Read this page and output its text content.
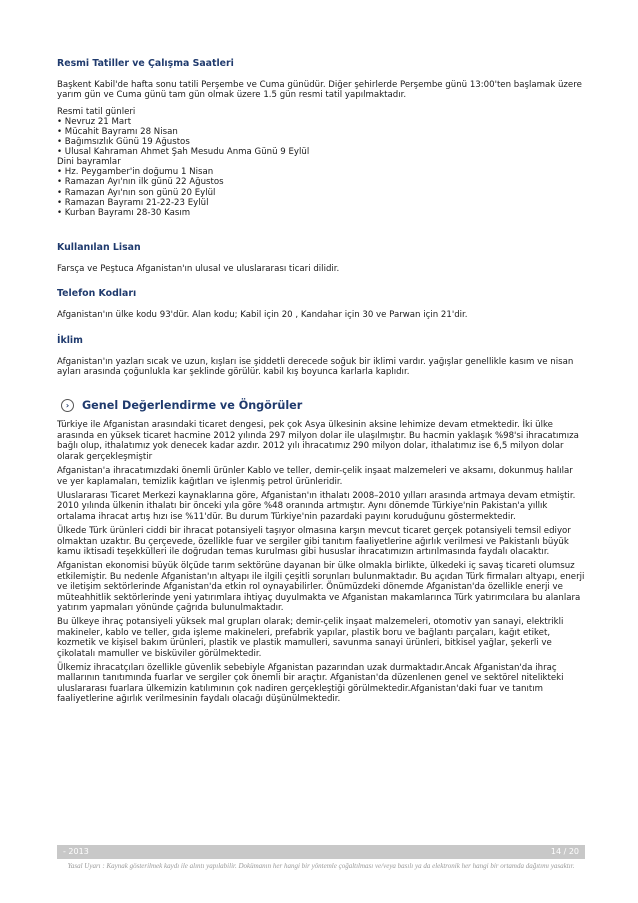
Resmi Tatiller ve Çalışma Saatleri
Başkent Kabil'de hafta sonu tatili Perşembe ve Cuma günüdür. Diğer şehirlerde Perşembe günü 13:00'ten başlamak üzere yarım gün ve Cuma günü tam gün olmak üzere 1.5 gün resmi tatil yapılmaktadır.
Resmi tatil günleri
• Nevruz 21 Mart
• Mücahit Bayramı 28 Nisan
• Bağımsızlık Günü 19 Ağustos
• Ulusal Kahraman Ahmet Şah Mesudu Anma Günü 9 Eylül
Dini bayramlar
• Hz. Peygamber'in doğumu 1 Nisan
• Ramazan Ayı'nın ilk günü 22 Ağustos
• Ramazan Ayı'nın son günü 20 Eylül
• Ramazan Bayramı 21-22-23 Eylül
• Kurban Bayramı 28-30 Kasım
Kullanılan Lisan
Farsça ve Peştuca Afganistan'ın ulusal ve uluslararası ticari dilidir.
Telefon Kodları
Afganistan'ın ülke kodu 93'dür. Alan kodu; Kabil için 20 , Kandahar için 30 ve Parwan için 21'dir.
İklim
Afganistan'ın yazları sıcak ve uzun, kışları ise şiddetli derecede soğuk bir iklimi vardır. yağışlar genellikle kasım ve nisan ayları arasında çoğunlukla kar şeklinde görülür. kabil kış boyunca karlarla kaplıdır.
›	Genel Değerlendirme ve Öngörüler
Türkiye ile Afganistan arasındaki ticaret dengesi, pek çok Asya ülkesinin aksine lehimize devam etmektedir. İki ülke arasında en yüksek ticaret hacmine 2012 yılında 297 milyon dolar ile ulaşılmıştır. Bu hacmin yaklaşık %98'si ihracatımıza bağlı olup, ithalatımız yok denecek kadar azdır. 2012 yılı ihracatımız 290 milyon dolar, ithalatımız ise 6,5 milyon dolar olarak gerçekleşmiştir
Afganistan'a ihracatımızdaki önemli ürünler Kablo ve teller, demir-çelik inşaat malzemeleri ve aksamı, dokunmuş halılar ve yer kaplamaları, temizlik kağıtları ve işlenmiş petrol ürünleridir.
Uluslararası Ticaret Merkezi kaynaklarına göre, Afganistan'ın ithalatı 2008–2010 yılları arasında artmaya devam etmiştir. 2010 yılında ülkenin ithalatı bir önceki yıla göre %48 oranında artmıştır. Aynı dönemde Türkiye'nin Pakistan'a yıllık ortalama ihracat artış hızı ise %11'dür. Bu durum Türkiye'nin pazardaki payını koruduğunu göstermektedir.
Ülkede Türk ürünleri ciddi bir ihracat potansiyeli taşıyor olmasına karşın mevcut ticaret gerçek potansiyeli temsil ediyor olmaktan uzaktır. Bu çerçevede, özellikle fuar ve sergiler gibi tanıtım faaliyetlerine ağırlık verilmesi ve Pakistanlı büyük kamu iktisadi teşekkülleri ile doğrudan temas kurulması gibi hususlar ihracatımızın artırılmasında faydalı olacaktır.
Afganistan ekonomisi büyük ölçüde tarım sektörüne dayanan bir ülke olmakla birlikte, ülkedeki iç savaş ticareti olumsuz etkilemiştir. Bu nedenle Afganistan'ın altyapı ile ilgili çeşitli sorunları bulunmaktadır. Bu açıdan Türk firmaları altyapı, enerji ve iletişim sektörlerinde Afganistan'da etkin rol oynayabilirler. Önümüzdeki dönemde Afganistan'da özellikle enerji ve müteahhitlik sektörlerinde yeni yatırımlara ihtiyaç duyulmakta ve Afganistan makamlarınca Türk yatırımcılara bu alanlara yatırım yapmaları yönünde çağrıda bulunulmaktadır.
Bu ülkeye ihraç potansiyeli yüksek mal grupları olarak; demir-çelik inşaat malzemeleri, otomotiv yan sanayi, elektrikli makineler, kablo ve teller, gıda işleme makineleri, prefabrik yapılar, plastik boru ve bağlantı parçaları, kağıt etiket, kozmetik ve kişisel bakım ürünleri, plastik ve plastik mamulleri, savunma sanayi ürünleri, bitkisel yağlar, şekerli ve çikolatalı mamuller ve bisküviler görülmektedir.
Ülkemiz ihracatçıları özellikle güvenlik sebebiyle Afganistan pazarından uzak durmaktadır.Ancak Afganistan'da ihraç mallarının tanıtımında fuarlar ve sergiler çok önemli bir araçtır. Afganistan'da düzenlenen genel ve sektörel nitelikteki uluslararası fuarlara ülkemizin katılımının çok nadiren gerçekleştiği görülmektedir.Afganistan'daki fuar ve tanıtım faaliyetlerine ağırlık verilmesinin faydalı olacağı düşünülmektedir.
- 2013	14 / 20
Yasal Uyarı : Kaynak gösterilmek kaydı ile alıntı yapılabilir. Dokümanın her hangi bir yöntemle çoğaltılması ve/veya basılı ya da elektronik her hangi bir ortamda dağıtımı yasaktır.
